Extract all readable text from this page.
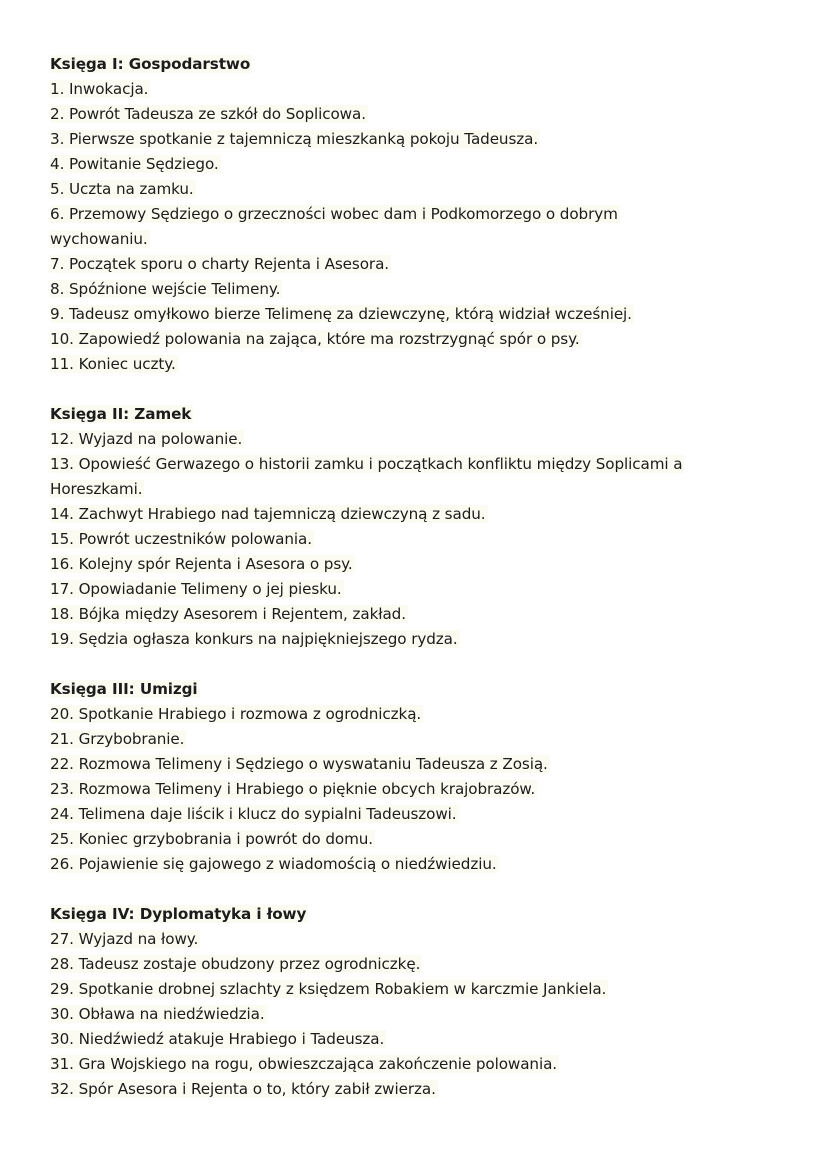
Księga I: Gospodarstwo
1. Inwokacja.
2. Powrót Tadeusza ze szkół do Soplicowa.
3. Pierwsze spotkanie z tajemniczą mieszkanką pokoju Tadeusza.
4. Powitanie Sędziego.
5. Uczta na zamku.
6. Przemowy Sędziego o grzeczności wobec dam i Podkomorzego o dobrym
wychowaniu.
7. Początek sporu o charty Rejenta i Asesora.
8. Spóźnione wejście Telimeny.
9. Tadeusz omyłkowo bierze Telimenę za dziewczynę, którą widział wcześniej.
10. Zapowiedź polowania na zająca, które ma rozstrzygnąć spór o psy.
11. Koniec uczty.
Księga II: Zamek
12. Wyjazd na polowanie.
13. Opowieść Gerwazego o historii zamku i początkach konfliktu między Soplicami a
Horeszkami.
14. Zachwyt Hrabiego nad tajemniczą dziewczyną z sadu.
15. Powrót uczestników polowania.
16. Kolejny spór Rejenta i Asesora o psy.
17. Opowiadanie Telimeny o jej piesku.
18. Bójka między Asesorem i Rejentem, zakład.
19. Sędzia ogłasza konkurs na najpiękniejszego rydza.
Księga III: Umizgi
20. Spotkanie Hrabiego i rozmowa z ogrodniczką.
21. Grzybobranie.
22. Rozmowa Telimeny i Sędziego o wyswataniu Tadeusza z Zosią.
23. Rozmowa Telimeny i Hrabiego o pięknie obcych krajobrazów.
24. Telimena daje liścik i klucz do sypialni Tadeuszowi.
25. Koniec grzybobrania i powrót do domu.
26. Pojawienie się gajowego z wiadomością o niedźwiedziu.
Księga IV: Dyplomatyka i łowy
27. Wyjazd na łowy.
28. Tadeusz zostaje obudzony przez ogrodniczkę.
29. Spotkanie drobnej szlachty z księdzem Robakiem w karczmie Jankiela.
30. Obława na niedźwiedzia.
30. Niedźwiedź atakuje Hrabiego i Tadeusza.
31. Gra Wojskiego na rogu, obwieszczająca zakończenie polowania.
32. Spór Asesora i Rejenta o to, który zabił zwierza.
